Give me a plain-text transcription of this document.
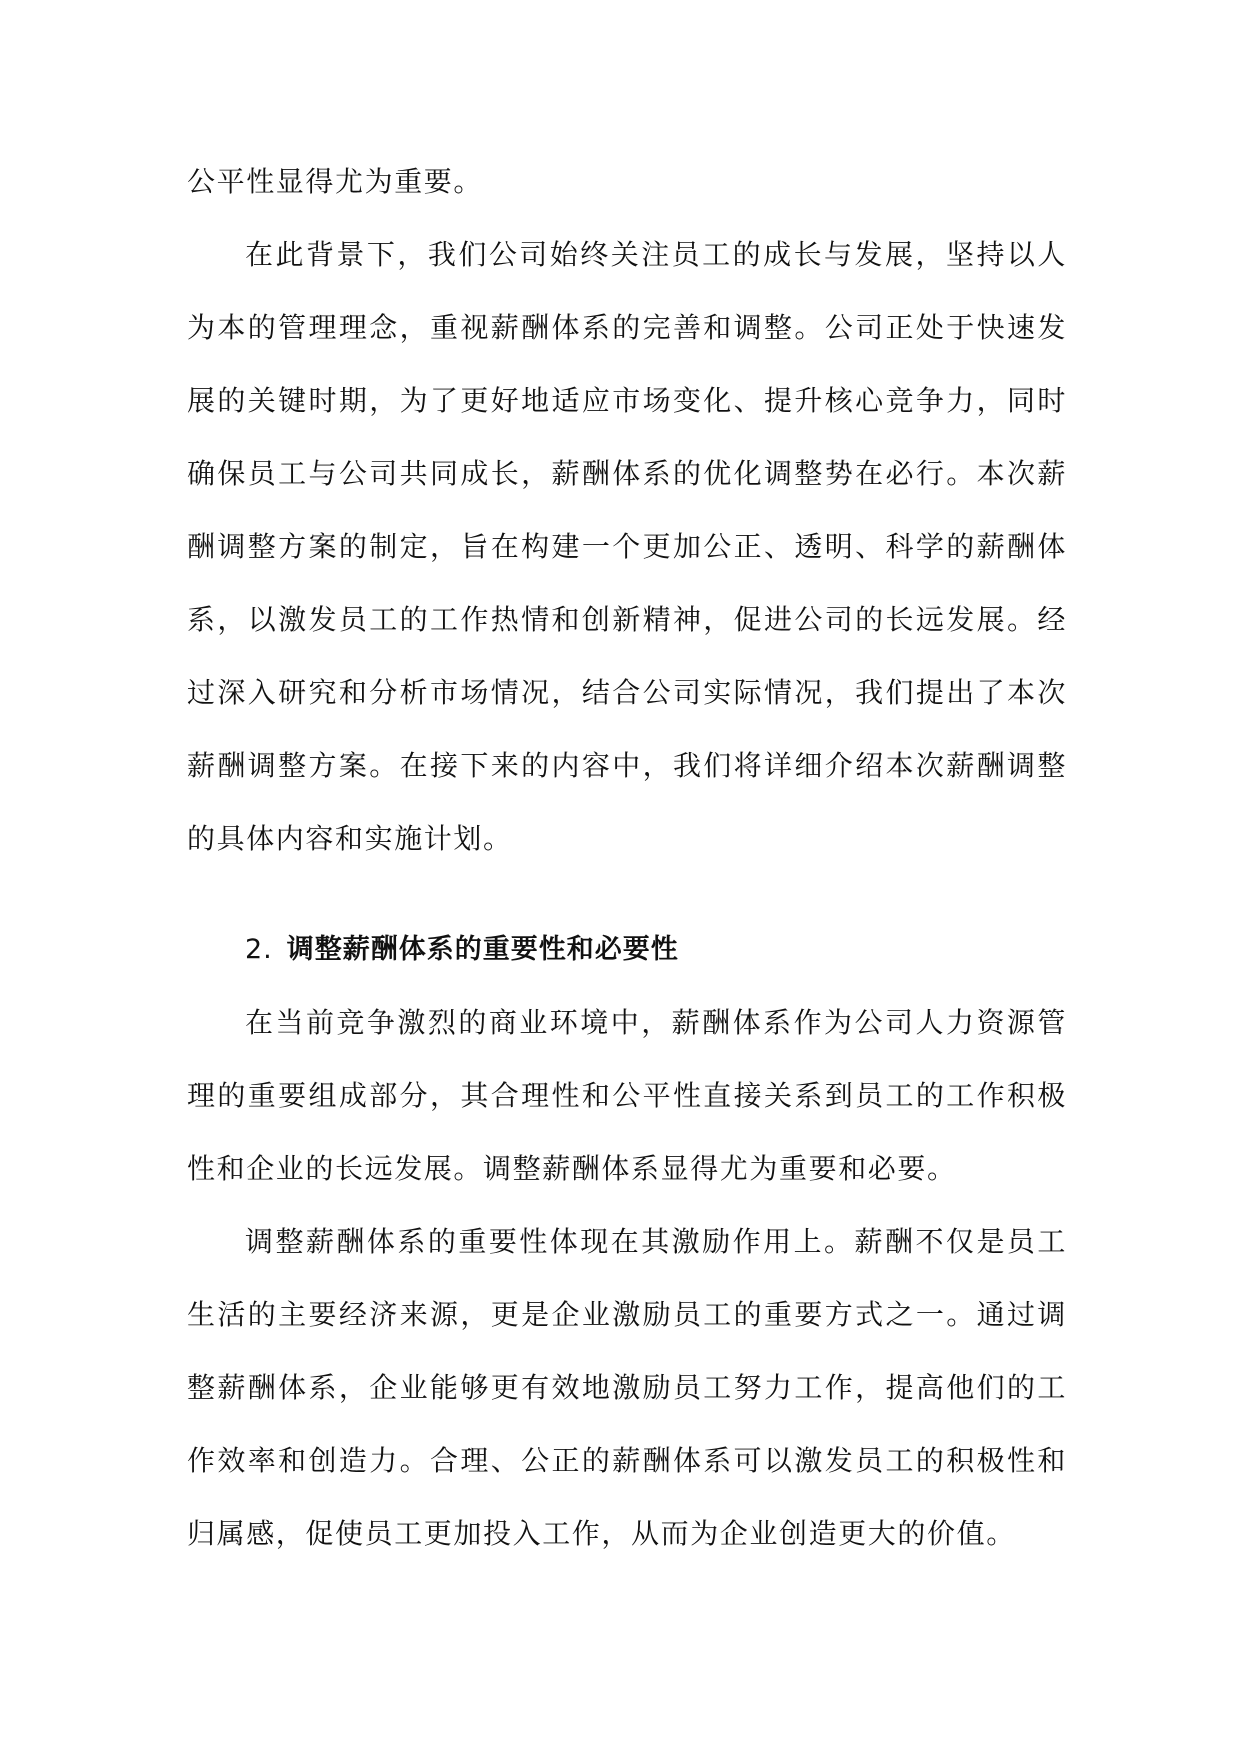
公平性显得尤为重要。

在此背景下，我们公司始终关注员工的成长与发展，坚持以人为本的管理理念，重视薪酬体系的完善和调整。公司正处于快速发展的关键时期，为了更好地适应市场变化、提升核心竞争力，同时确保员工与公司共同成长，薪酬体系的优化调整势在必行。本次薪酬调整方案的制定，旨在构建一个更加公正、透明、科学的薪酬体系，以激发员工的工作热情和创新精神，促进公司的长远发展。经过深入研究和分析市场情况，结合公司实际情况，我们提出了本次薪酬调整方案。在接下来的内容中，我们将详细介绍本次薪酬调整的具体内容和实施计划。

2. 调整薪酬体系的重要性和必要性

在当前竞争激烈的商业环境中，薪酬体系作为公司人力资源管理的重要组成部分，其合理性和公平性直接关系到员工的工作积极性和企业的长远发展。调整薪酬体系显得尤为重要和必要。

调整薪酬体系的重要性体现在其激励作用上。薪酬不仅是员工生活的主要经济来源，更是企业激励员工的重要方式之一。通过调整薪酬体系，企业能够更有效地激励员工努力工作，提高他们的工作效率和创造力。合理、公正的薪酬体系可以激发员工的积极性和归属感，促使员工更加投入工作，从而为企业创造更大的价值。
